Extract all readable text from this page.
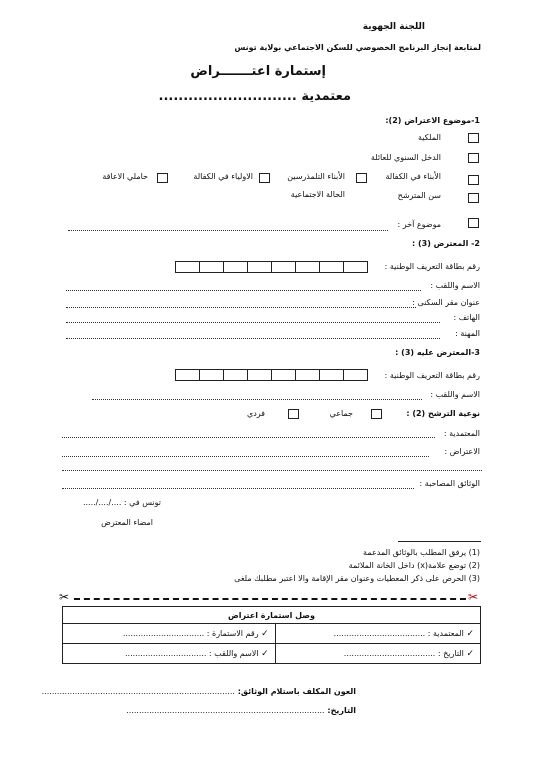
اللجنة الجهوية
لمتابعة إنجاز البرنامج الخصوصي للسكن الاجتماعي بولاية تونس
إستمارة اعتـــــــراض
معتمدية ............................
1-موضوع الاعتراض (2):
الملكية
الدخل السنوي للعائلة
الأبناء في الكفالة
الأبناء التلمذرسين
الاولياء في الكفالة
حاملي الاعاقة
سن المترشح
الحالة الاجتماعية
موضوع آخر :
2- المعترض (3) :
رقم بطاقة التعريف الوطنية :
الاسم واللقب :
عنوان مقر السكنى :
الهاتف :
المهنة :
3-المعترض عليه (3) :
رقم بطاقة التعريف الوطنية :
الاسم واللقب :
نوعية الترشح (2) :
جماعي
فردي
المعتمدية :
الاعتراض :
الوثائق المصاحبة :
تونس في : ..../..../.....
امضاء المعترض
(1) يرفق المطلب بالوثائق المدعمة
(2) توضع علامة(x) داخل الخانة الملائمة
(3) الحرص على ذكر المعطيات وعنوان مقر الإقامة والا اعتبر مطلبك ملغى
✂	✂
وصل استمارة اعتراض	
✓ رقم الاستمارة : ................................	✓ المعتمدية : ....................................
✓ الاسم واللقب : ................................	✓ التاريخ : ....................................
العون المكلف باستلام الوثائق: ............................................................................
التاريخ: ..............................................................................
